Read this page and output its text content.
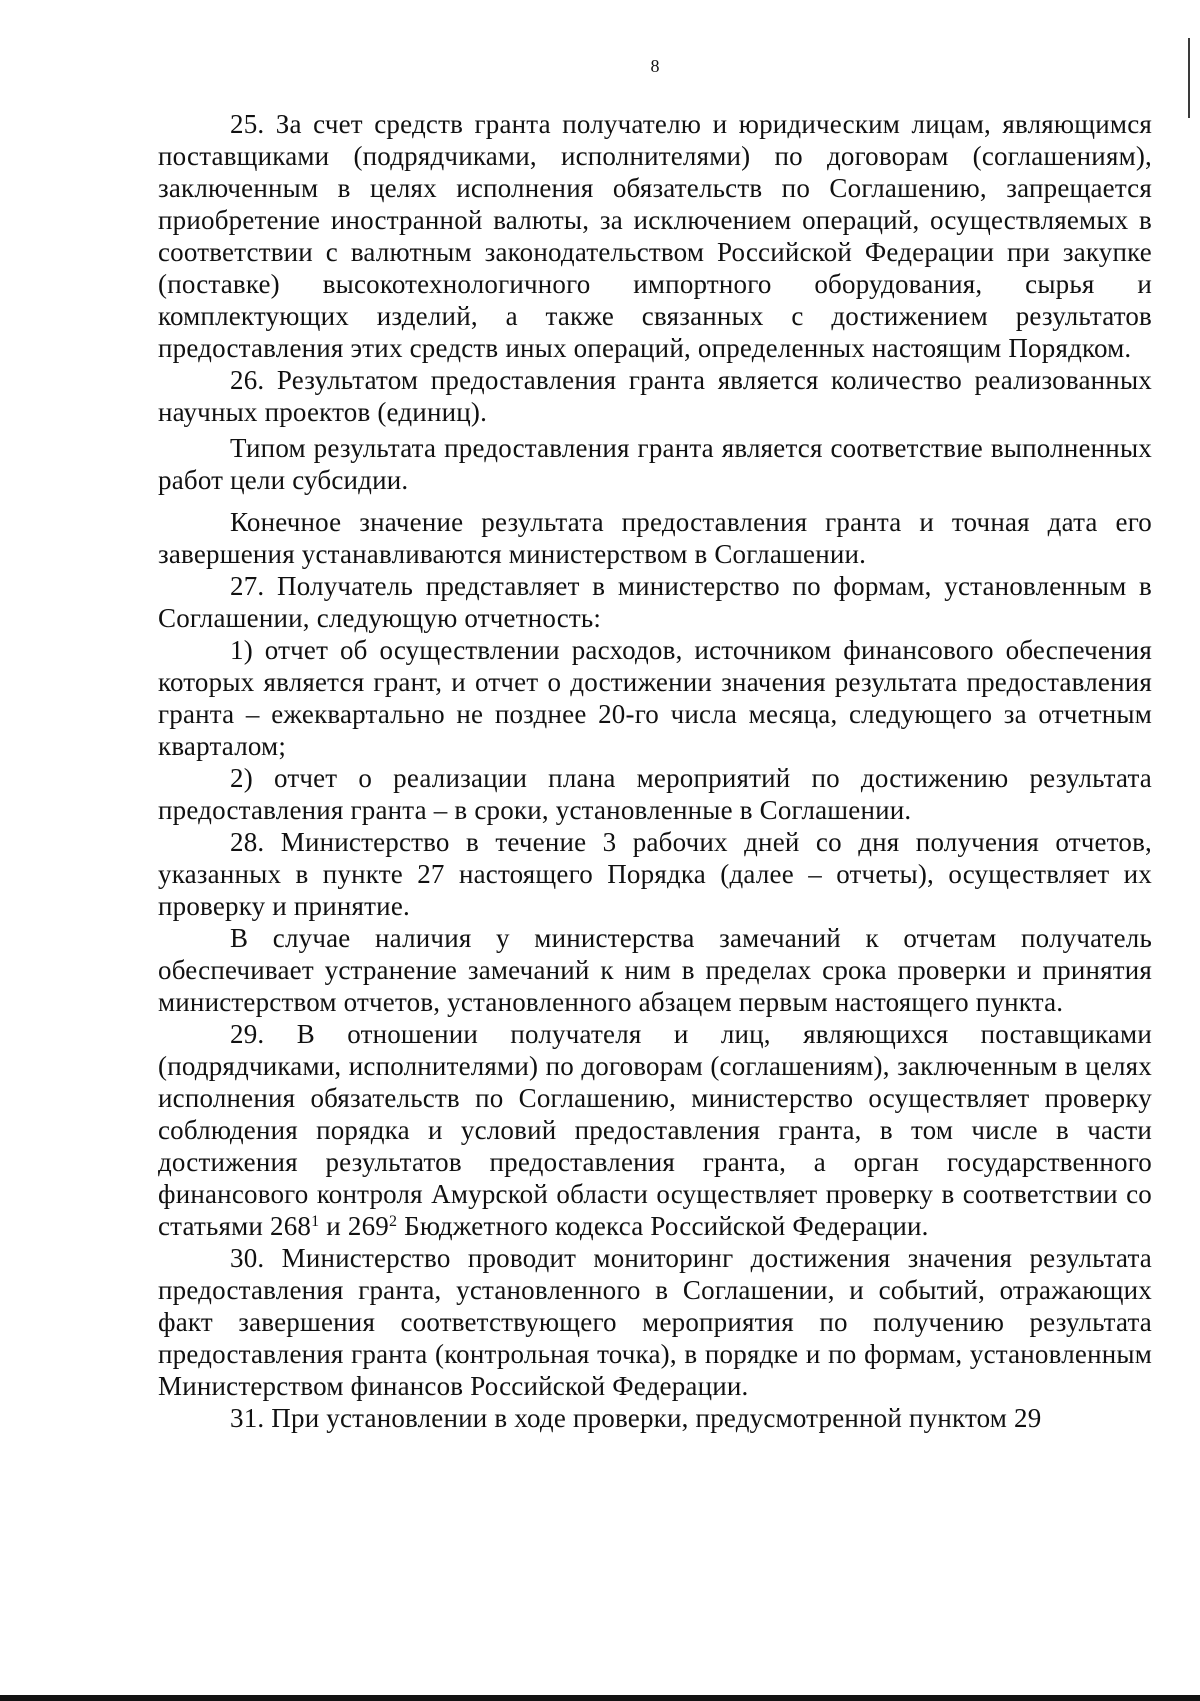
8

25. За счет средств гранта получателю и юридическим лицам, являющимся поставщиками (подрядчиками, исполнителями) по договорам (соглашениям), заключенным в целях исполнения обязательств по Соглашению, запрещается приобретение иностранной валюты, за исключением операций, осуществляемых в соответствии с валютным законодательством Российской Федерации при закупке (поставке) высокотехнологичного импортного оборудования, сырья и комплектующих изделий, а также связанных с достижением результатов предоставления этих средств иных операций, определенных настоящим Порядком.

26. Результатом предоставления гранта является количество реализованных научных проектов (единиц).

Типом результата предоставления гранта является соответствие выполненных работ цели субсидии.

Конечное значение результата предоставления гранта и точная дата его завершения устанавливаются министерством в Соглашении.

27. Получатель представляет в министерство по формам, установленным в Соглашении, следующую отчетность:

1) отчет об осуществлении расходов, источником финансового обеспечения которых является грант, и отчет о достижении значения результата предоставления гранта – ежеквартально не позднее 20-го числа месяца, следующего за отчетным кварталом;

2) отчет о реализации плана мероприятий по достижению результата предоставления гранта – в сроки, установленные в Соглашении.

28. Министерство в течение 3 рабочих дней со дня получения отчетов, указанных в пункте 27 настоящего Порядка (далее – отчеты), осуществляет их проверку и принятие.

В случае наличия у министерства замечаний к отчетам получатель обеспечивает устранение замечаний к ним в пределах срока проверки и принятия министерством отчетов, установленного абзацем первым настоящего пункта.

29. В отношении получателя и лиц, являющихся поставщиками (подрядчиками, исполнителями) по договорам (соглашениям), заключенным в целях исполнения обязательств по Соглашению, министерство осуществляет проверку соблюдения порядка и условий предоставления гранта, в том числе в части достижения результатов предоставления гранта, а орган государственного финансового контроля Амурской области осуществляет проверку в соответствии со статьями $268^1$ и $269^2$ Бюджетного кодекса Российской Федерации.

30. Министерство проводит мониторинг достижения значения результата предоставления гранта, установленного в Соглашении, и событий, отражающих факт завершения соответствующего мероприятия по получению результата предоставления гранта (контрольная точка), в порядке и по формам, установленным Министерством финансов Российской Федерации.

31. При установлении в ходе проверки, предусмотренной пунктом 29
